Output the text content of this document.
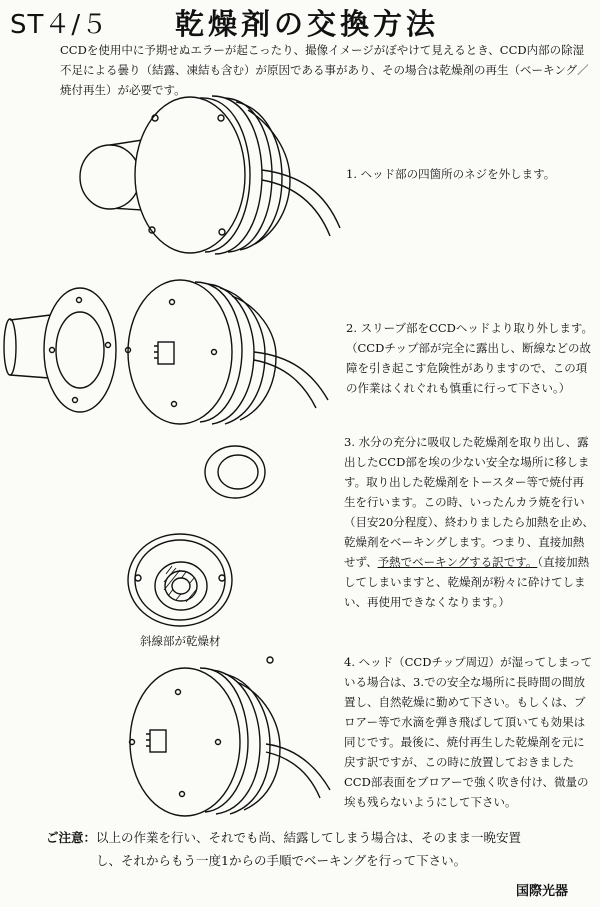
ST４/５ 乾燥剤の交換方法
CCDを使用中に予期せぬエラーが起こったり、撮像イメージがぼやけて見えるとき、CCD内部の除湿不足による曇り（結露、凍結も含む）が原因である事があり、その場合は乾燥剤の再生（ベーキング／焼付再生）が必要です。
1. ヘッド部の四箇所のネジを外します。
2. スリーブ部をCCDヘッドより取り外します。（CCDチップ部が完全に露出し、断線などの故障を引き起こす危険性がありますので、この項の作業はくれぐれも慎重に行って下さい。）
3. 水分の充分に吸収した乾燥剤を取り出し、露出したCCD部を埃の少ない安全な場所に移します。取り出した乾燥剤をトースター等で焼付再生を行います。この時、いったんカラ焼を行い（目安20分程度）、終わりましたら加熱を止め、乾燥剤をベーキングします。つまり、直接加熱せず、予熱でベーキングする訳です。（直接加熱してしまいますと、乾燥剤が粉々に砕けてしまい、再使用できなくなります。）
斜線部が乾燥材
4. ヘッド（CCDチップ周辺）が湿ってしまっている場合は、3.での安全な場所に長時間の間放置し、自然乾燥に勤めて下さい。もしくは、ブロアー等で水滴を弾き飛ばして頂いても効果は同じです。最後に、焼付再生した乾燥剤を元に戻す訳ですが、この時に放置しておきましたCCD部表面をブロアーで強く吹き付け、微量の埃も残らないようにして下さい。
ご注意：以上の作業を行い、それでも尚、結露してしまう場合は、そのまま一晩安置
し、それからもう一度1からの手順でベーキングを行って下さい。
国際光器
